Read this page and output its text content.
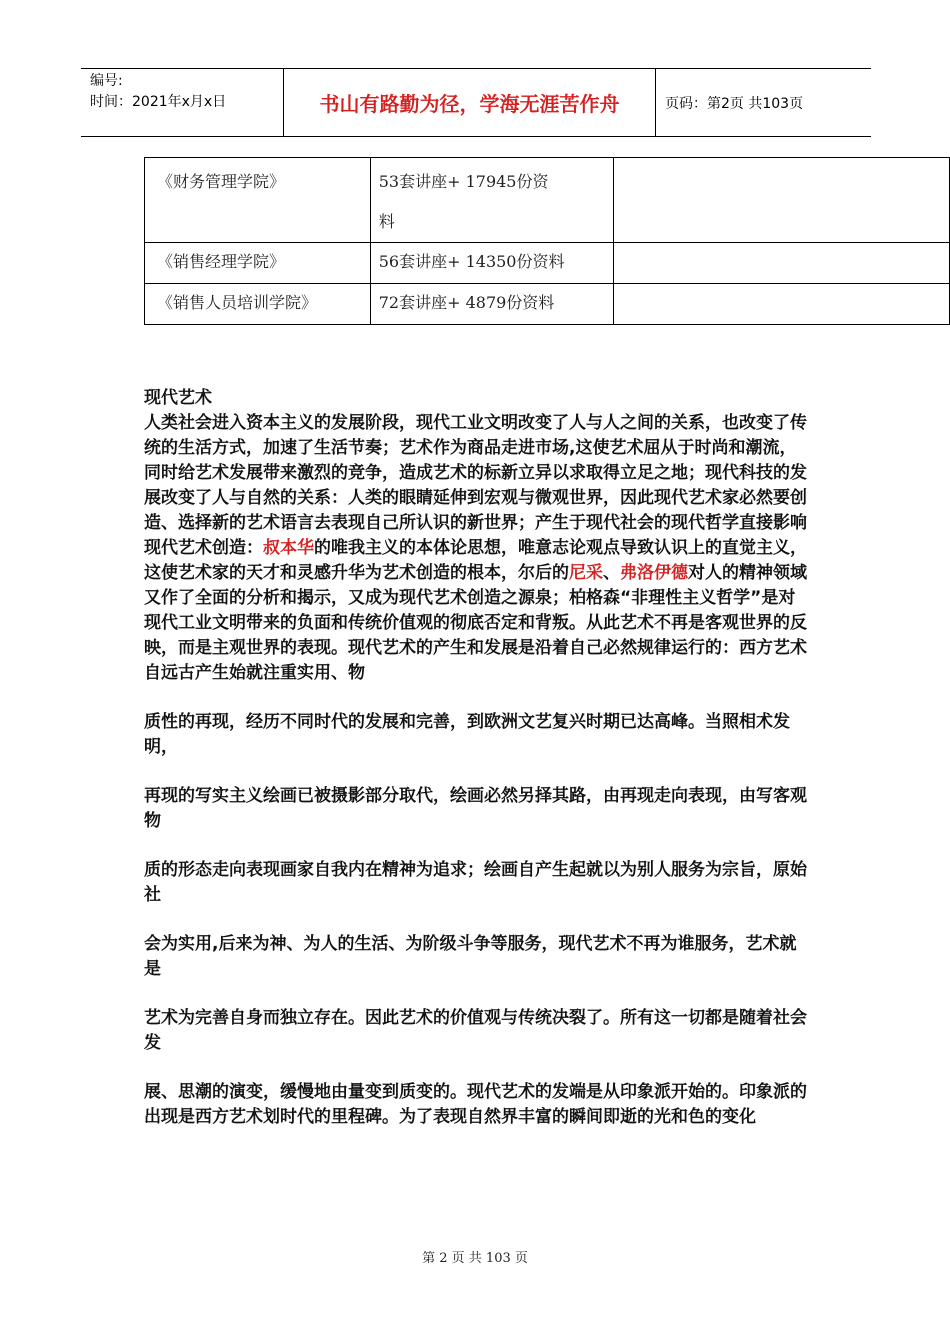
编号:
时间：2021年x月x日	书山有路勤为径，学海无涯苦作舟	页码：第2页 共103页
《财务管理学院》	53套讲座+ 17945份资
料	

《销售经理学院》	56套讲座+ 14350份资料	
《销售人员培训学院》	72套讲座+ 4879份资料	

现代艺术

人类社会进入资本主义的发展阶段，现代工业文明改变了人与人之间的关系，也改变了传统的生活方式，加速了生活节奏；艺术作为商品走进市场,这使艺术屈从于时尚和潮流，同时给艺术发展带来激烈的竞争，造成艺术的标新立异以求取得立足之地；现代科技的发展改变了人与自然的关系：人类的眼睛延伸到宏观与微观世界，因此现代艺术家必然要创造、选择新的艺术语言去表现自己所认识的新世界；产生于现代社会的现代哲学直接影响现代艺术创造：叔本华的唯我主义的本体论思想，唯意志论观点导致认识上的直觉主义，这使艺术家的天才和灵感升华为艺术创造的根本，尔后的尼采、弗洛伊德对人的精神领域又作了全面的分析和揭示，又成为现代艺术创造之源泉；柏格森“非理性主义哲学”是对现代工业文明带来的负面和传统价值观的彻底否定和背叛。从此艺术不再是客观世界的反映，而是主观世界的表现。现代艺术的产生和发展是沿着自己必然规律运行的：西方艺术自远古产生始就注重实用、物

质性的再现，经历不同时代的发展和完善，到欧洲文艺复兴时期已达高峰。当照相术发明，

再现的写实主义绘画已被摄影部分取代，绘画必然另择其路，由再现走向表现，由写客观物

质的形态走向表现画家自我内在精神为追求；绘画自产生起就以为别人服务为宗旨，原始社

会为实用,后来为神、为人的生活、为阶级斗争等服务，现代艺术不再为谁服务，艺术就是

艺术为完善自身而独立存在。因此艺术的价值观与传统决裂了。所有这一切都是随着社会发

展、思潮的演变，缓慢地由量变到质变的。现代艺术的发端是从印象派开始的。印象派的出现是西方艺术划时代的里程碑。为了表现自然界丰富的瞬间即逝的光和色的变化

第 2 页 共 103 页
